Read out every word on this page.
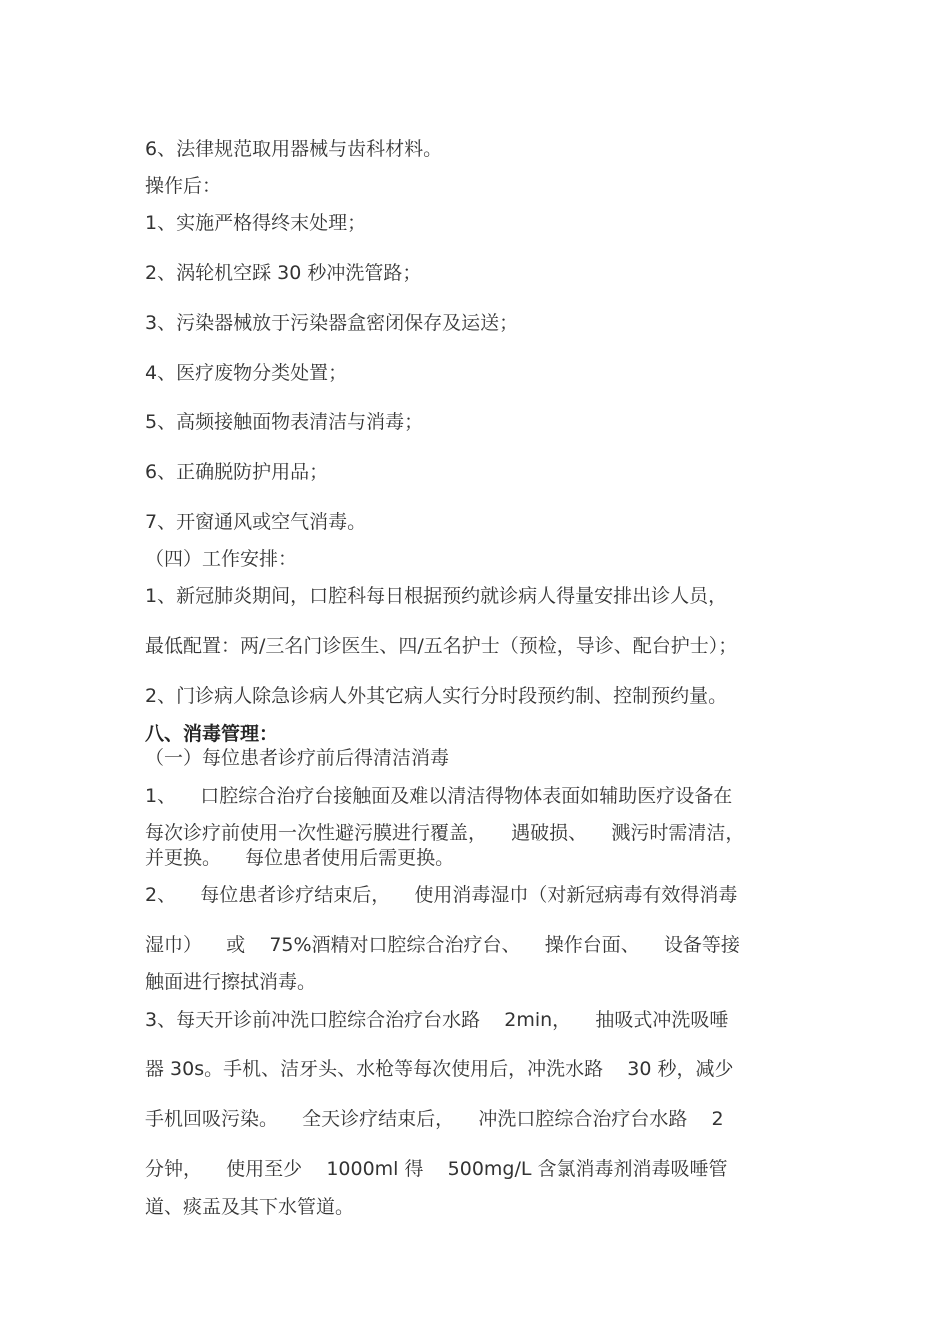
6、法律规范取用器械与齿科材料。

操作后：

1、实施严格得终末处理；

2、涡轮机空踩 30 秒冲洗管路；

3、污染器械放于污染器盒密闭保存及运送；

4、医疗废物分类处置；

5、高频接触面物表清洁与消毒；

6、正确脱防护用品；

7、开窗通风或空气消毒。

（四）工作安排：

1、新冠肺炎期间，口腔科每日根据预约就诊病人得量安排出诊人员，

最低配置：两/三名门诊医生、四/五名护士（预检，导诊、配台护士）；

2、门诊病人除急诊病人外其它病人实行分时段预约制、控制预约量。

八、消毒管理：

（一）每位患者诊疗前后得清洁消毒

1、    口腔综合治疗台接触面及难以清洁得物体表面如辅助医疗设备在

每次诊疗前使用一次性避污膜进行覆盖，    遇破损、    溅污时需清洁，

并更换。    每位患者使用后需更换。

2、    每位患者诊疗结束后，    使用消毒湿巾（对新冠病毒有效得消毒

湿巾）    或    75%酒精对口腔综合治疗台、    操作台面、    设备等接

触面进行擦拭消毒。

3、每天开诊前冲洗口腔综合治疗台水路    2min，    抽吸式冲洗吸唾

器 30s。手机、洁牙头、水枪等每次使用后，冲洗水路    30 秒，减少

手机回吸污染。    全天诊疗结束后，    冲洗口腔综合治疗台水路    2

分钟，    使用至少    1000ml 得    500mg/L 含氯消毒剂消毒吸唾管

道、痰盂及其下水管道。
